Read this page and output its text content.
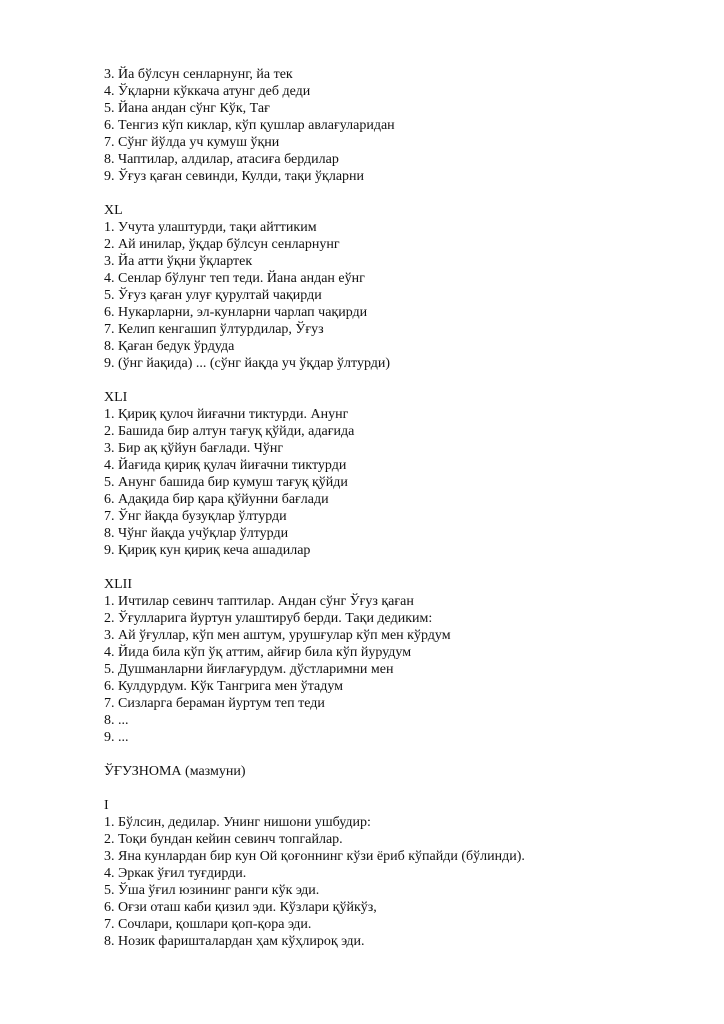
3. Йа бўлсун сенларнунг, йа тек
4. Ўқларни кўккача атунг деб деди
5. Йана андан сўнг Кўк, Тағ
6. Тенгиз кўп киклар, кўп қушлар авлағуларидан
7. Сўнг йўлда уч кумуш ўқни
8. Чаптилар, алдилар, атасиға бердилар
9. Ўғуз қаған севинди, Кулди, тақи ўқларни
XL
1. Учута улаштурди, тақи айттиким
2. Ай инилар, ўқдар бўлсун сенларнунг
3. Йа атти ўқни ўқлартек
4. Сенлар бўлунг теп теди. Йана андан еўнг
5. Ўғуз қаған улуғ қурултай чақирди
6. Нукарларни, эл-кунларни чарлап чақирди
7. Келип кенгашип ўлтурдилар, Ўғуз
8. Қаған бедук ўрдуда
9. (ўнг йақида) ... (сўнг йақда уч ўқдар ўлтурди)
XLI
1. Қириқ қулоч йиғачни тиктурди. Анунг
2. Башида бир алтун тағуқ қўйди, адағида
3. Бир ақ қўйун бағлади. Чўнг
4. Йағида қириқ қулач йиғачни тиктурди
5. Анунг башида бир кумуш тағуқ қўйди
6. Адақида бир қара қўйунни бағлади
7. Ўнг йақда бузуқлар ўлтурди
8. Чўнг йақда учўқлар ўлтурди
9. Қириқ кун қириқ кеча ашадилар
XLII
1. Ичтилар севинч таптилар. Андан сўнг Ўғуз қаған
2. Ўғулларига йуртун улаштируб берди. Тақи дедиким:
3. Ай ўғуллар, кўп мен аштум, урушғулар кўп мен кўрдум
4. Йида била кўп ўқ аттим, айғир била кўп йурудум
5. Душманларни йиғлағурдум. дўстларимни мен
6. Кулдурдум. Кўк Тангрига мен ўтадум
7. Сизларга бераман йуртум теп теди
8. ...
9. ...
ЎҒУЗНОМА (мазмуни)
I
1. Бўлсин, дедилар. Унинг нишони ушбудир:
2. Тоқи бундан кейин севинч топгайлар.
3. Яна кунлардан бир кун Ой қоғоннинг кўзи ёриб кўпайди (бўлинди).
4. Эркак ўғил туғдирди.
5. Ўша ўғил юзининг ранги кўк эди.
6. Оғзи оташ каби қизил эди. Кўзлари қўйкўз,
7. Сочлари, қошлари қоп-қора эди.
8. Нозик фаришталардан ҳам кўҳлироқ эди.
